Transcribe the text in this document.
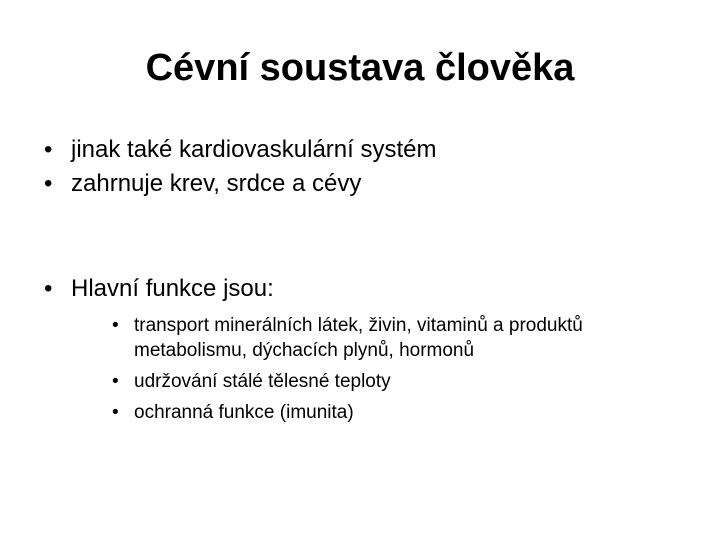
Cévní soustava člověka
• jinak také kardiovaskulární systém
• zahrnuje krev, srdce a cévy
• Hlavní funkce jsou:
• transport minerálních látek, živin, vitaminů a produktů metabolismu, dýchacích plynů, hormonů
• udržování stálé tělesné teploty
• ochranná funkce (imunita)
